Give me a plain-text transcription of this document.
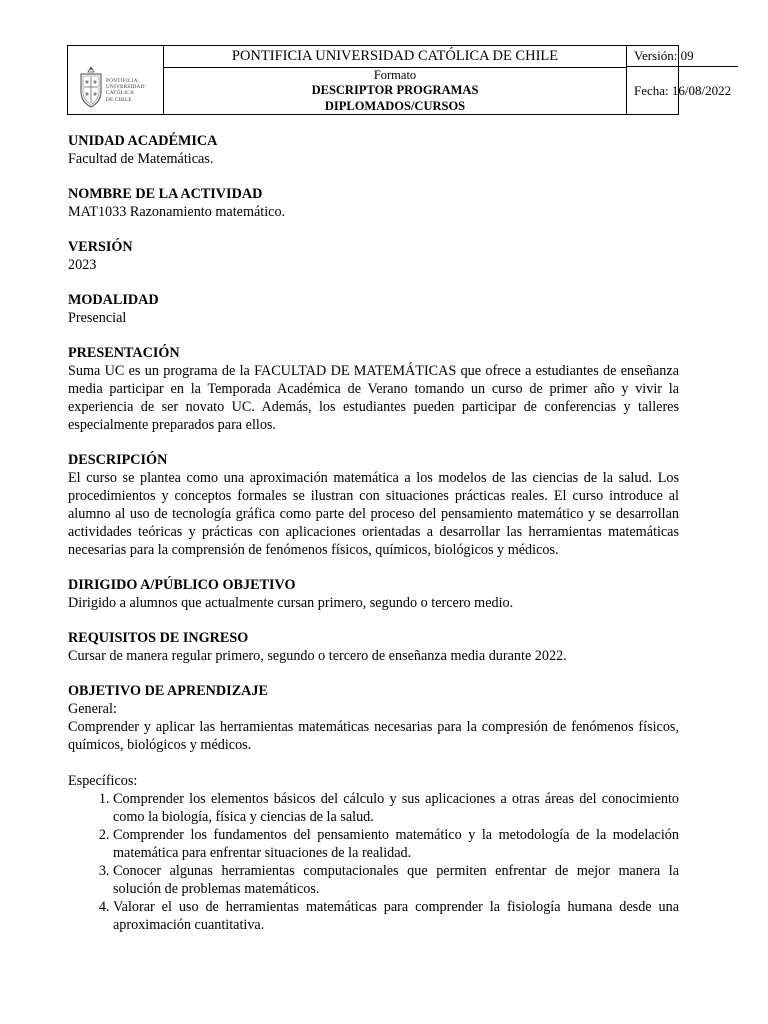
PONTIFICIA
UNIVERSIDAD
CATÓLICA
DE CHILE
PONTIFICIA UNIVERSIDAD CATÓLICA DE CHILE
Formato
DESCRIPTOR PROGRAMAS
DIPLOMADOS/CURSOS
Versión: 09
Fecha: 16/08/2022

UNIDAD ACADÉMICA

Facultad de Matemáticas.

NOMBRE DE LA ACTIVIDAD

MAT1033 Razonamiento matemático.

VERSIÓN

2023

MODALIDAD

Presencial

PRESENTACIÓN

Suma UC es un programa de la FACULTAD DE MATEMÁTICAS que ofrece a estudiantes de enseñanza media participar en la Temporada Académica de Verano tomando un curso de primer año y vivir la experiencia de ser novato UC. Además, los estudiantes pueden participar de conferencias y talleres especialmente preparados para ellos.

DESCRIPCIÓN

El curso se plantea como una aproximación matemática a los modelos de las ciencias de la salud. Los procedimientos y conceptos formales se ilustran con situaciones prácticas reales. El curso introduce al alumno al uso de tecnología gráfica como parte del proceso del pensamiento matemático y se desarrollan actividades teóricas y prácticas con aplicaciones orientadas a desarrollar las herramientas matemáticas necesarias para la comprensión de fenómenos físicos, químicos, biológicos y médicos.

DIRIGIDO A/PÚBLICO OBJETIVO

Dirigido a alumnos que actualmente cursan primero, segundo o tercero medio.

REQUISITOS DE INGRESO

Cursar de manera regular primero, segundo o tercero de enseñanza media durante 2022.

OBJETIVO DE APRENDIZAJE

General:

Comprender y aplicar las herramientas matemáticas necesarias para la compresión de fenómenos físicos, químicos, biológicos y médicos.

Específicos:

1. Comprender los elementos básicos del cálculo y sus aplicaciones a otras áreas del conocimiento como la biología, física y ciencias de la salud.
2. Comprender los fundamentos del pensamiento matemático y la metodología de la modelación matemática para enfrentar situaciones de la realidad.
3. Conocer algunas herramientas computacionales que permiten enfrentar de mejor manera la solución de problemas matemáticos.
4. Valorar el uso de herramientas matemáticas para comprender la fisiología humana desde una aproximación cuantitativa.
